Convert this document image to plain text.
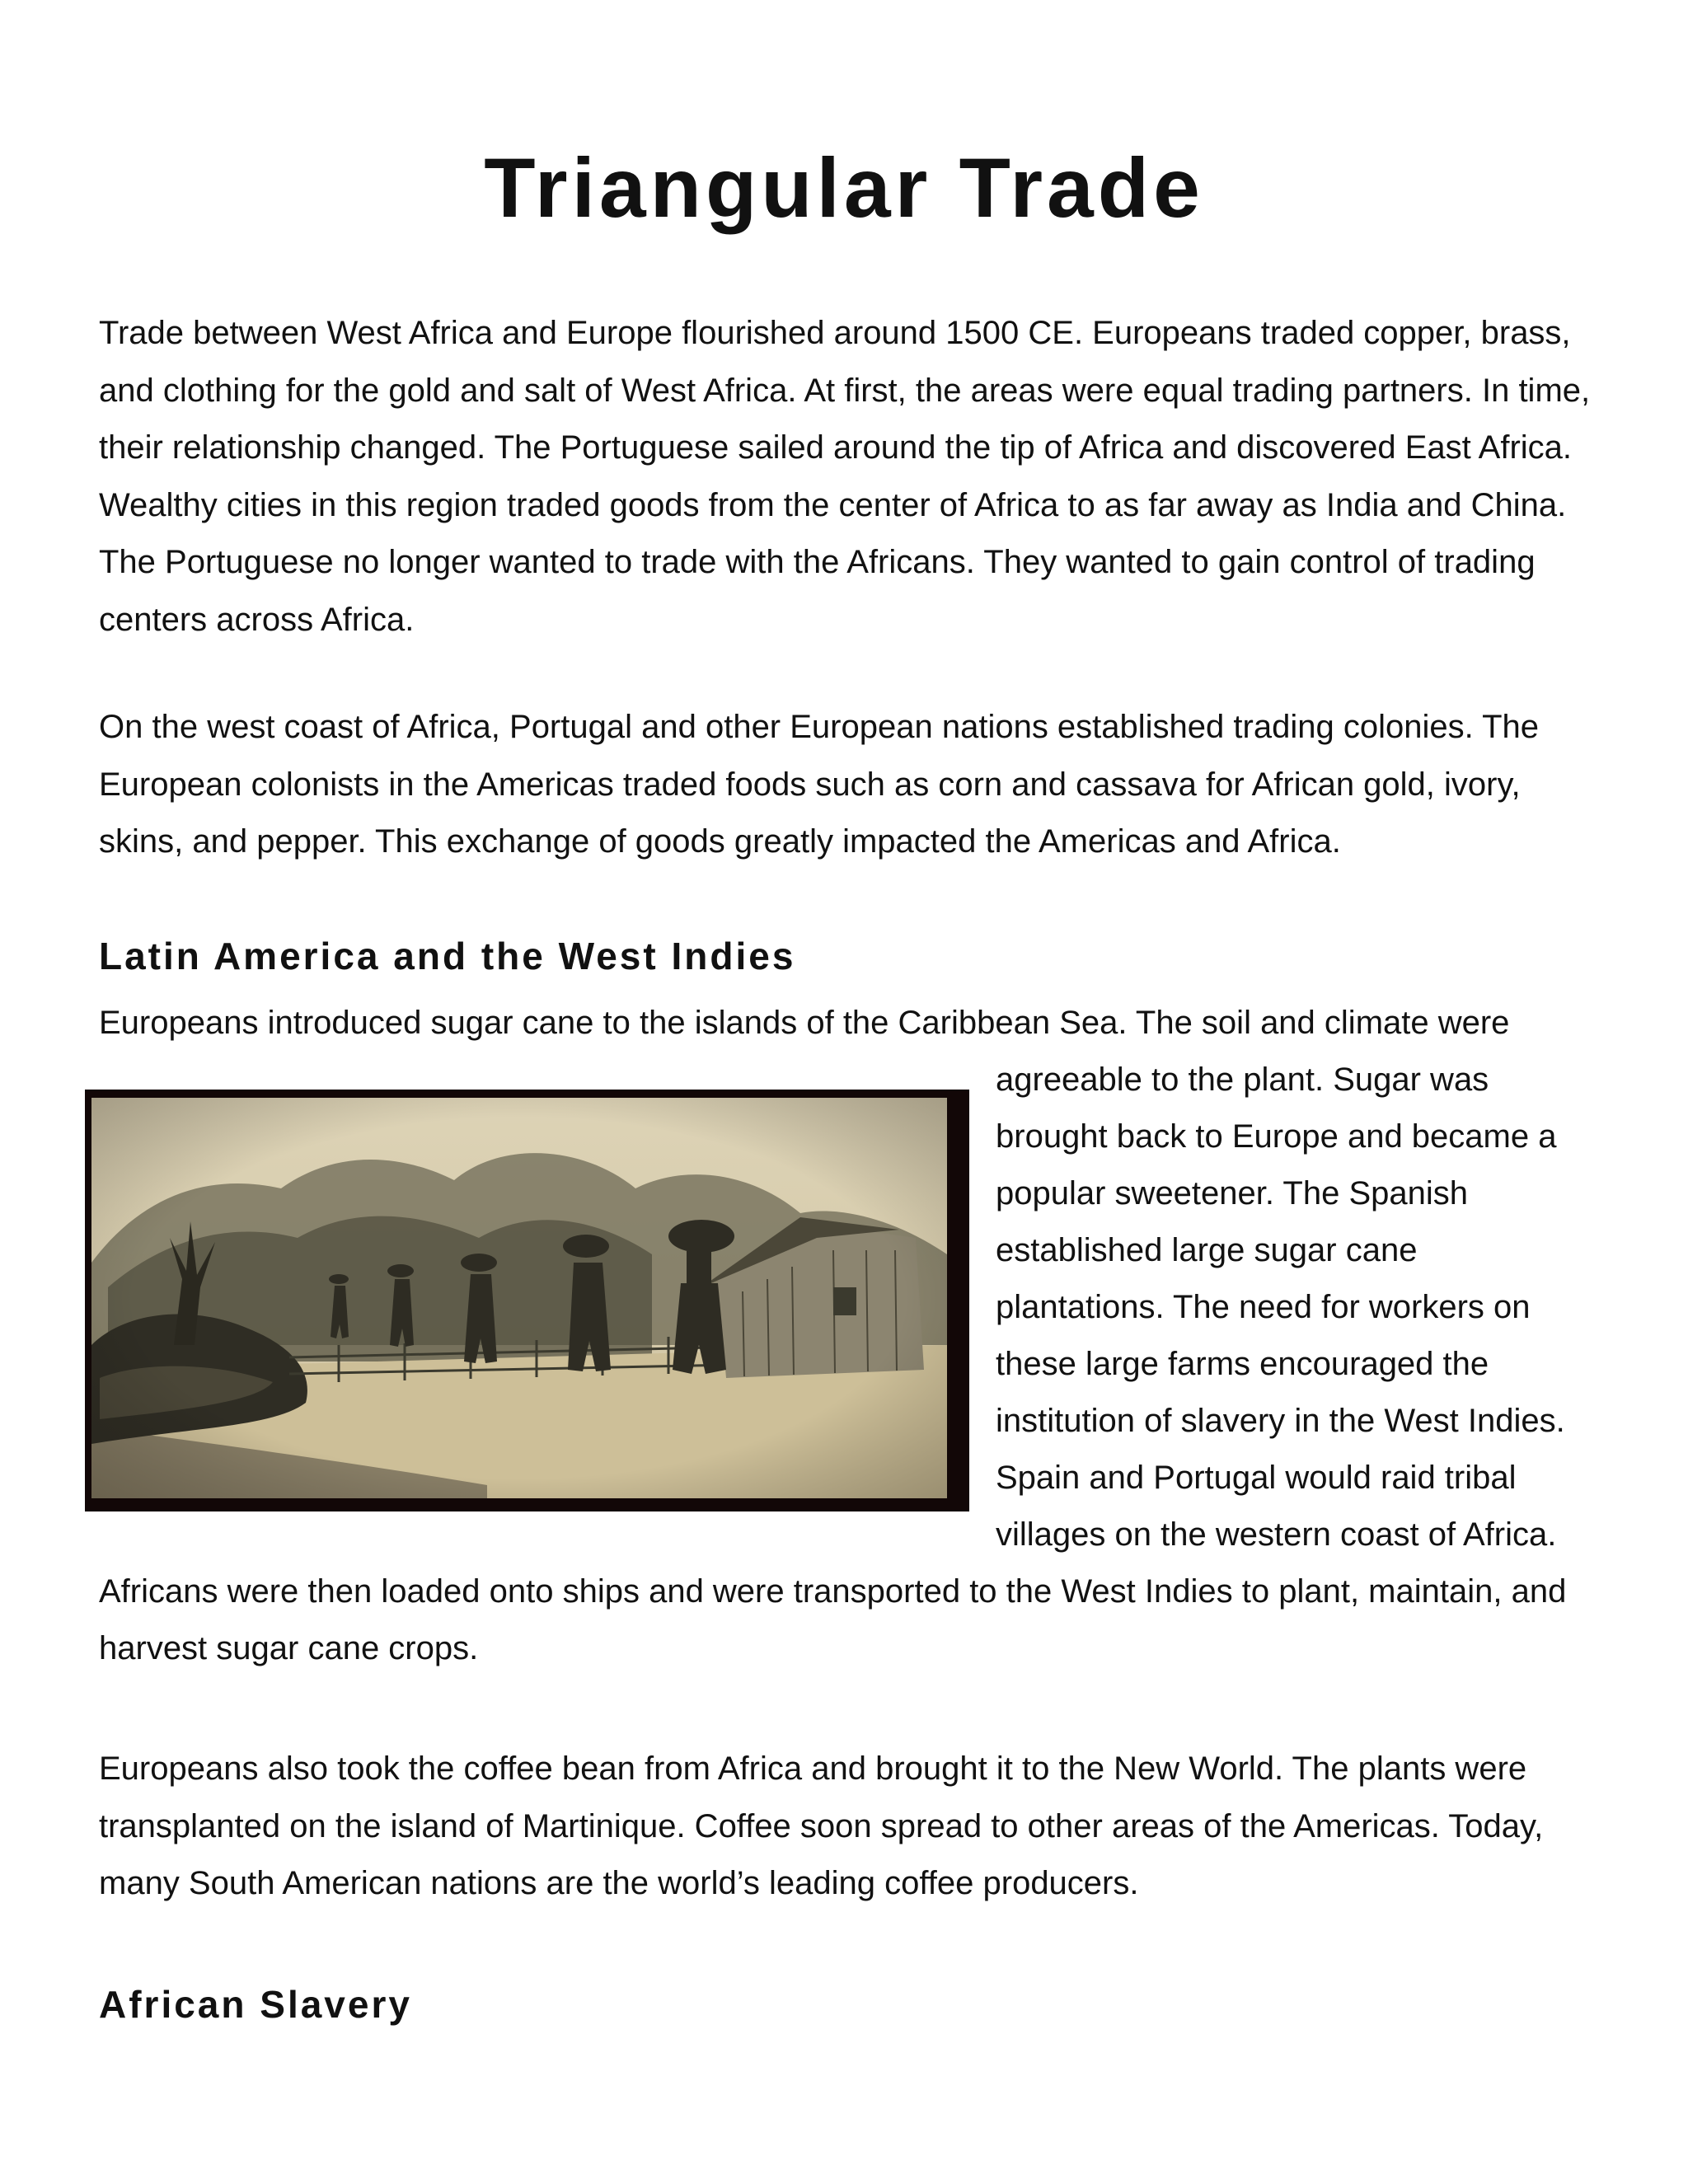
Triangular Trade

Trade between West Africa and Europe flourished around 1500 CE. Europeans traded copper, brass, and clothing for the gold and salt of West Africa. At first, the areas were equal trading partners. In time, their relationship changed. The Portuguese sailed around the tip of Africa and discovered East Africa. Wealthy cities in this region traded goods from the center of Africa to as far away as India and China. The Portuguese no longer wanted to trade with the Africans. They wanted to gain control of trading centers across Africa.

On the west coast of Africa, Portugal and other European nations established trading colonies. The European colonists in the Americas traded foods such as corn and cassava for African gold, ivory, skins, and pepper. This exchange of goods greatly impacted the Americas and Africa.

Latin America and the West Indies

Europeans introduced sugar cane to the islands of the Caribbean Sea. The soil and climate were

agreeable to the plant. Sugar was

brought back to Europe and became a

popular sweetener. The Spanish

established large sugar cane

plantations. The need for workers on

these large farms encouraged the

institution of slavery in the West Indies.

Spain and Portugal would raid tribal

villages on the western coast of Africa.

Africans were then loaded onto ships and were transported to the West Indies to plant, maintain, and

harvest sugar cane crops.

Europeans also took the coffee bean from Africa and brought it to the New World. The plants were transplanted on the island of Martinique. Coffee soon spread to other areas of the Americas. Today, many South American nations are the world’s leading coffee producers.

African Slavery
